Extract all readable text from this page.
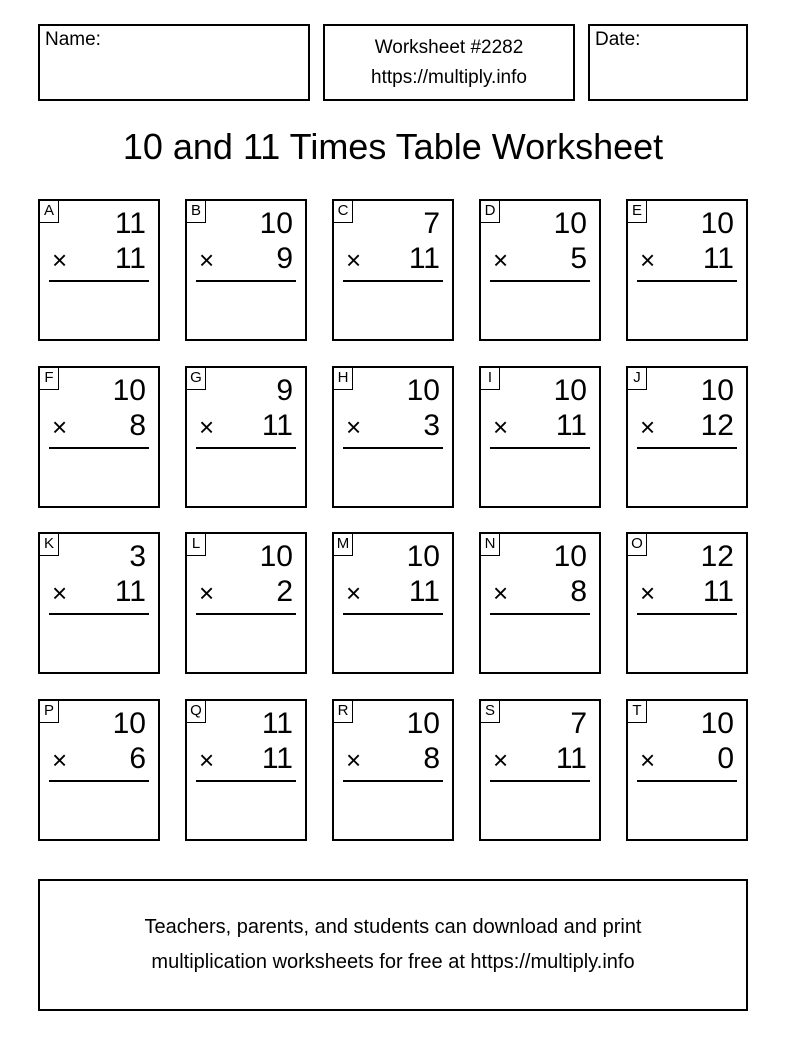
Name:	Worksheet #2282
https://multiply.info
Date:
10 and 11 Times Table Worksheet
A 11
× 11
B 10
× 9
C 7
× 11
D 10
× 5
E 10
× 11
F 10
× 8
G 9
× 11
H 10
× 3
I 10
× 11
J 10
× 12
K	3
× 11
L 10
× 2
M 10
× 11
N 10
× 8
O 12
× 11
P 10
× 6
Q 11
× 11
R 10
× 8
S	7
× 11
T 10
× 0
Teachers, parents, and students can download and print
multiplication worksheets for free at https://multiply.info
